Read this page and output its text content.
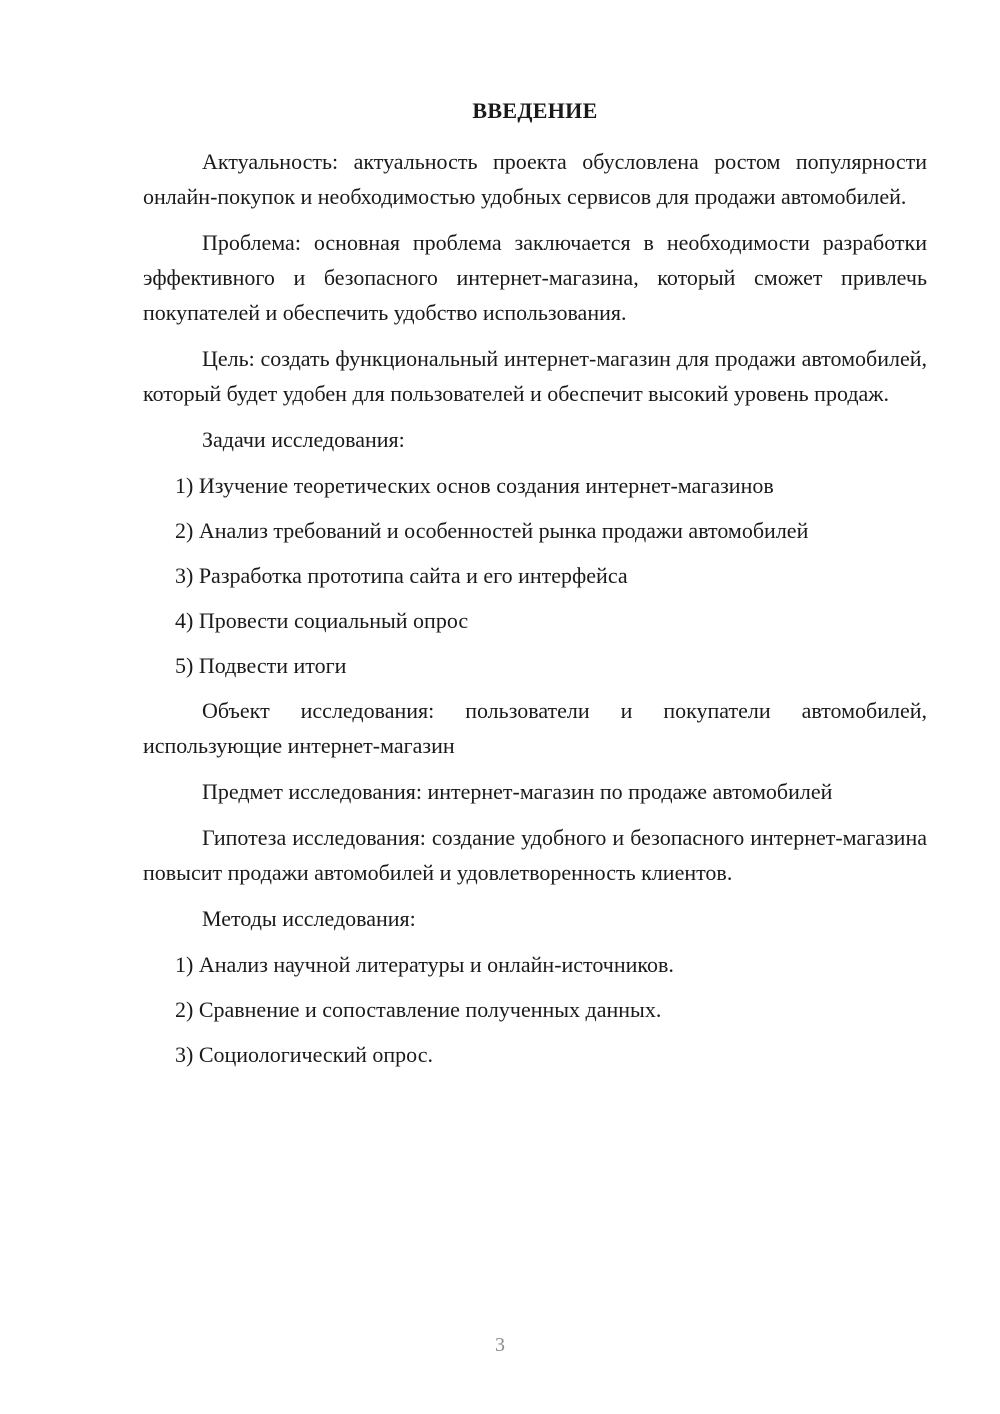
ВВЕДЕНИЕ

Актуальность: актуальность проекта обусловлена ростом популярности онлайн-покупок и необходимостью удобных сервисов для продажи автомобилей.

Проблема: основная проблема заключается в необходимости разработки эффективного и безопасного интернет-магазина, который сможет привлечь покупателей и обеспечить удобство использования.

Цель: создать функциональный интернет-магазин для продажи автомобилей, который будет удобен для пользователей и обеспечит высокий уровень продаж.

Задачи исследования:

1) Изучение теоретических основ создания интернет-магазинов
2) Анализ требований и особенностей рынка продажи автомобилей
3) Разработка прототипа сайта и его интерфейса
4) Провести социальный опрос
5) Подвести итоги

Объект исследования: пользователи и покупатели автомобилей, использующие интернет-магазин

Предмет исследования: интернет-магазин по продаже автомобилей

Гипотеза исследования: создание удобного и безопасного интернет-магазина повысит продажи автомобилей и удовлетворенность клиентов.

Методы исследования:

1) Анализ научной литературы и онлайн-источников.
2) Сравнение и сопоставление полученных данных.
3) Социологический опрос.
3
